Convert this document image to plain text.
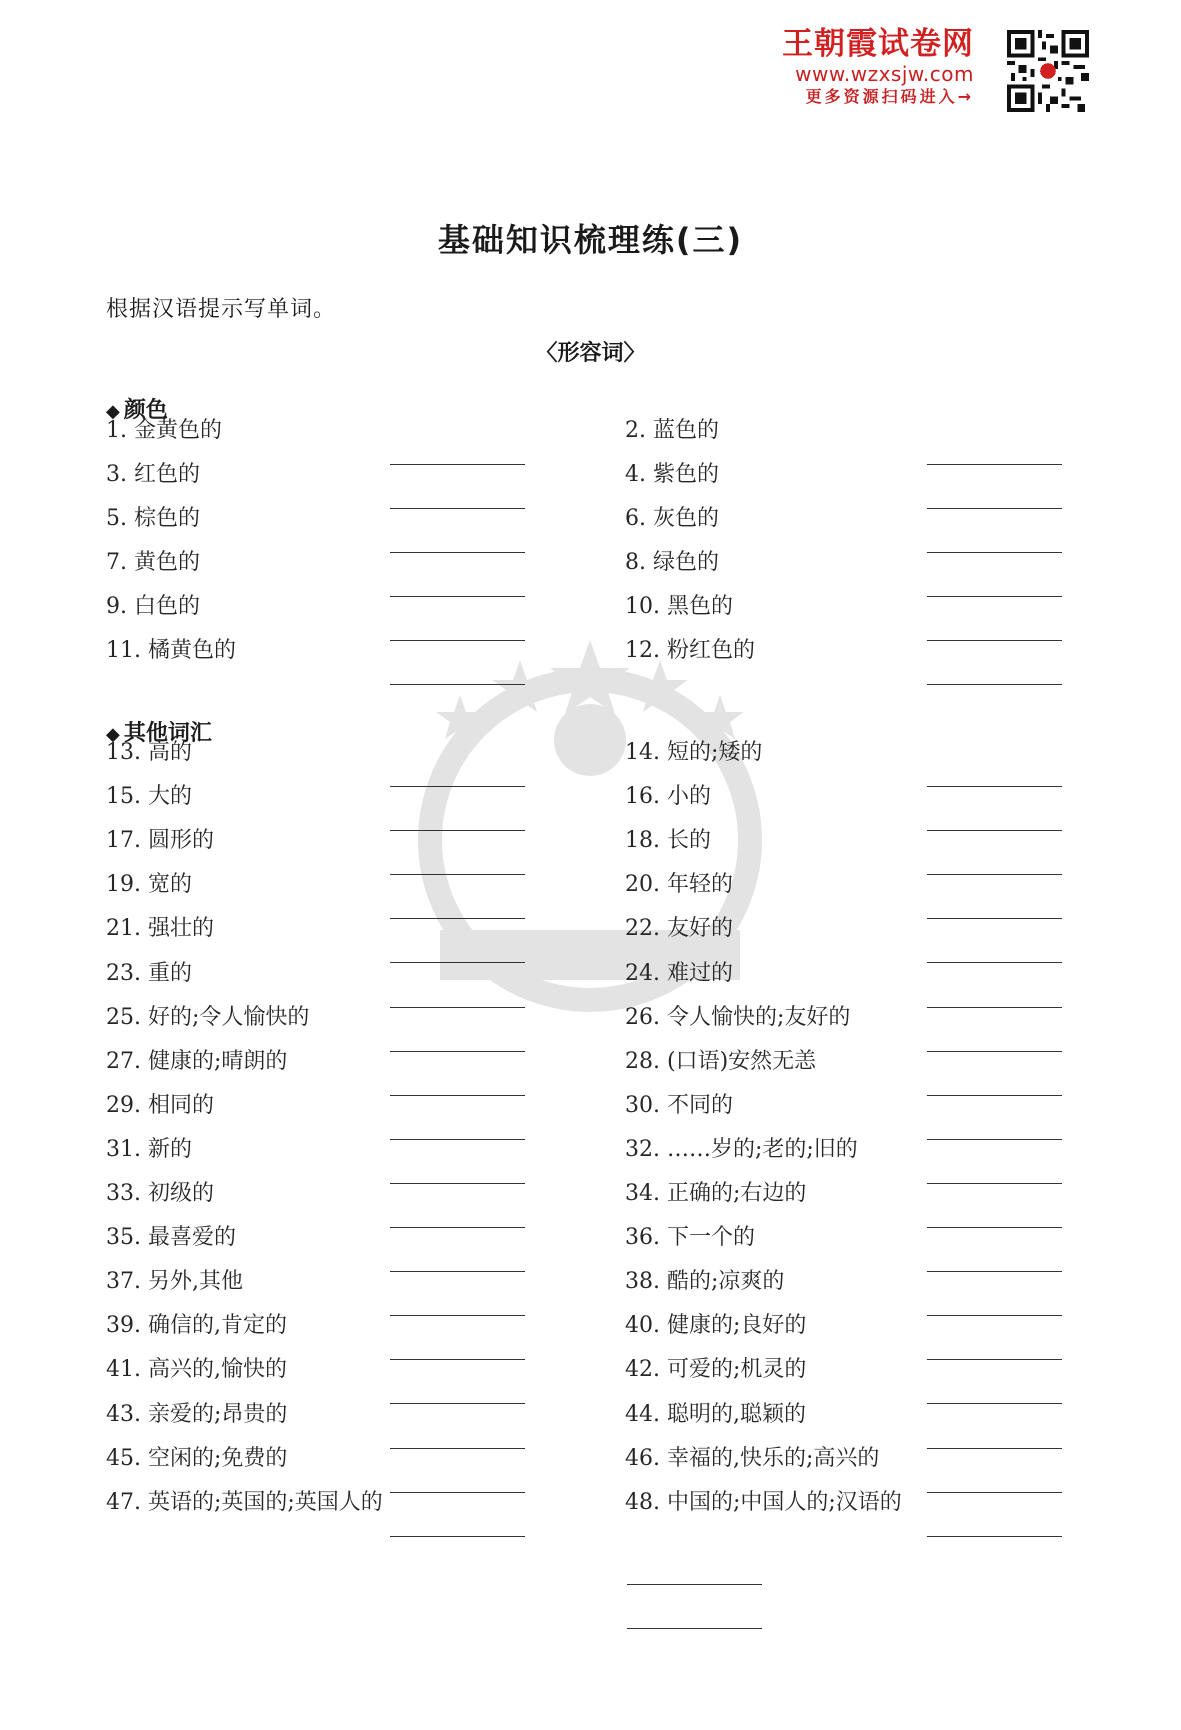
王朝霞试卷网
www.wzxsjw.com
更多资源扫码进入→
基础知识梳理练(三)
根据汉语提示写单词。
〈形容词〉
◆ 颜色
◆ 其他词汇
1. 金黄色的	2. 蓝色的
3. 红色的	4. 紫色的
5. 棕色的	6. 灰色的
7. 黄色的	8. 绿色的
9. 白色的	10. 黑色的
11. 橘黄色的	12. 粉红色的
13. 高的	14. 短的;矮的
15. 大的	16. 小的
17. 圆形的	18. 长的
19. 宽的	20. 年轻的
21. 强壮的	22. 友好的
23. 重的	24. 难过的
25. 好的;令人愉快的	26. 令人愉快的;友好的
27. 健康的;晴朗的	28. (口语)安然无恙
29. 相同的	30. 不同的
31. 新的	32. ……岁的;老的;旧的
33. 初级的	34. 正确的;右边的
35. 最喜爱的	36. 下一个的
37. 另外,其他	38. 酷的;凉爽的
39. 确信的,肯定的	40. 健康的;良好的
41. 高兴的,愉快的	42. 可爱的;机灵的
43. 亲爱的;昂贵的	44. 聪明的,聪颖的
45. 空闲的;免费的	46. 幸福的,快乐的;高兴的
47. 英语的;英国的;英国人的	48. 中国的;中国人的;汉语的
